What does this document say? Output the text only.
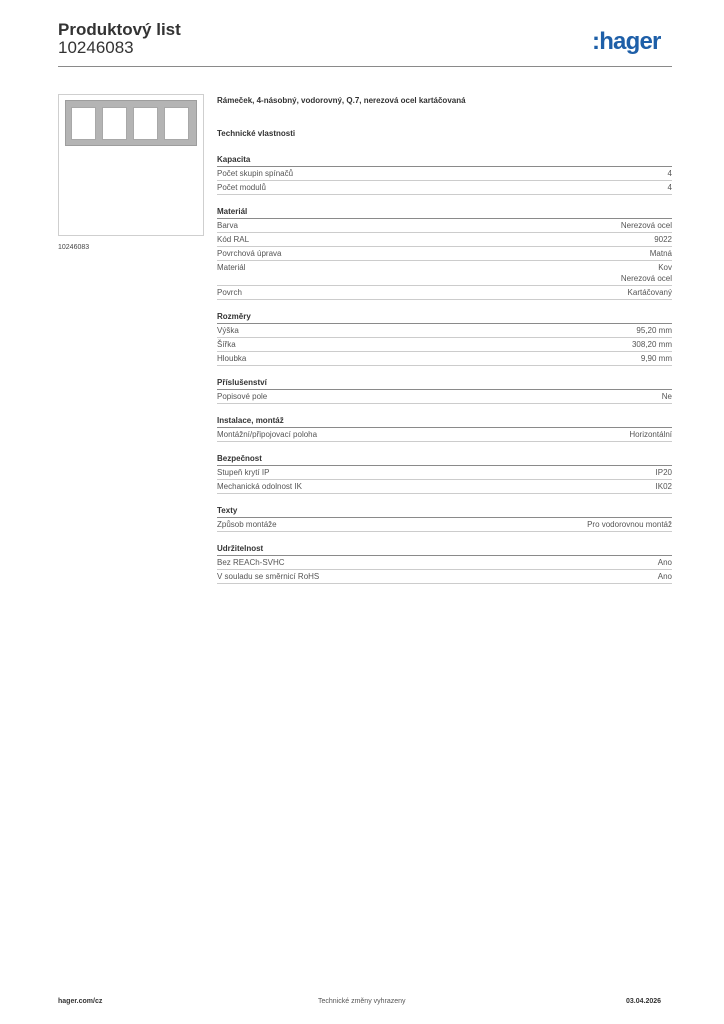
Produktový list
10246083	:hager
10246083
Rámeček, 4-násobný, vodorovný, Q.7, nerezová ocel kartáčovaná
Technické vlastnosti
Kapacita
Počet skupin spínačů	4
Počet modulů	4
Materiál
Barva	Nerezová ocel
Kód RAL	9022
Povrchová úprava	Matná
Materiál	Kov
Nerezová ocel
Povrch	Kartáčovaný
Rozměry
Výška	95,20 mm
Šířka	308,20 mm
Hloubka	9,90 mm
Příslušenství
Popisové pole	Ne
Instalace, montáž
Montážní/připojovací poloha	Horizontální
Bezpečnost
Stupeň krytí IP	IP20
Mechanická odolnost IK	IK02
Texty
Způsob montáže	Pro vodorovnou montáž
Udržitelnost
Bez REACh-SVHC	Ano
V souladu se směrnicí RoHS	Ano
hager.com/cz	Technické změny vyhrazeny	03.04.2026
